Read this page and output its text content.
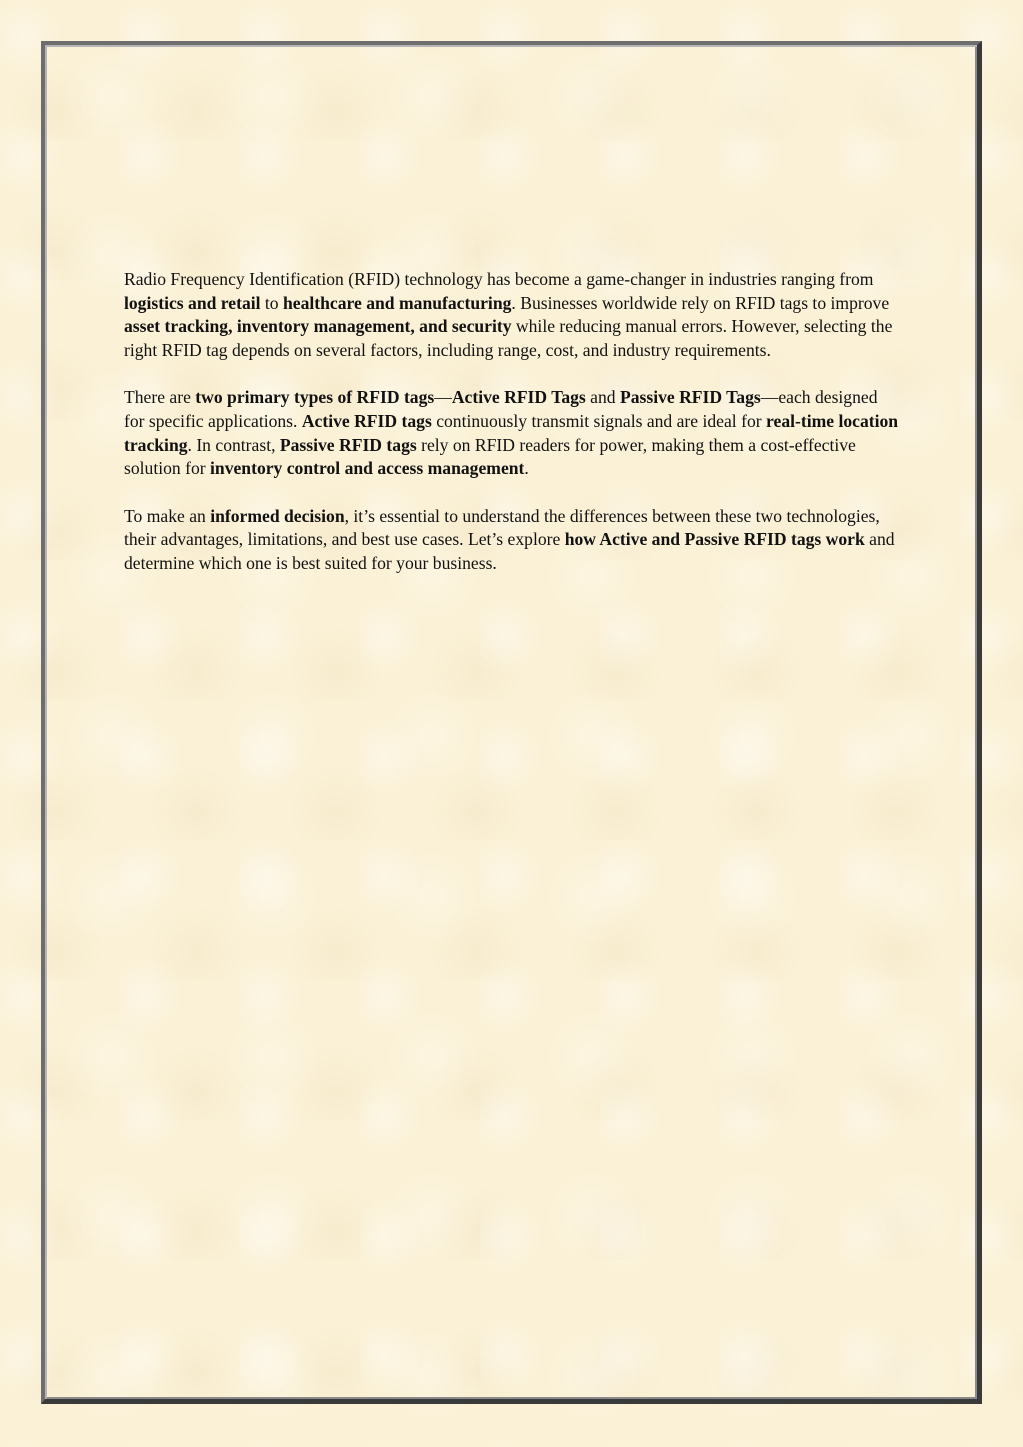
Radio Frequency Identification (RFID) technology has become a game-changer in industries ranging from logistics and retail to healthcare and manufacturing. Businesses worldwide rely on RFID tags to improve asset tracking, inventory management, and security while reducing manual errors. However, selecting the right RFID tag depends on several factors, including range, cost, and industry requirements.

There are two primary types of RFID tags—Active RFID Tags and Passive RFID Tags—each designed for specific applications. Active RFID tags continuously transmit signals and are ideal for real-time location tracking. In contrast, Passive RFID tags rely on RFID readers for power, making them a cost-effective solution for inventory control and access management.

To make an informed decision, it’s essential to understand the differences between these two technologies, their advantages, limitations, and best use cases. Let’s explore how Active and Passive RFID tags work and determine which one is best suited for your business.
